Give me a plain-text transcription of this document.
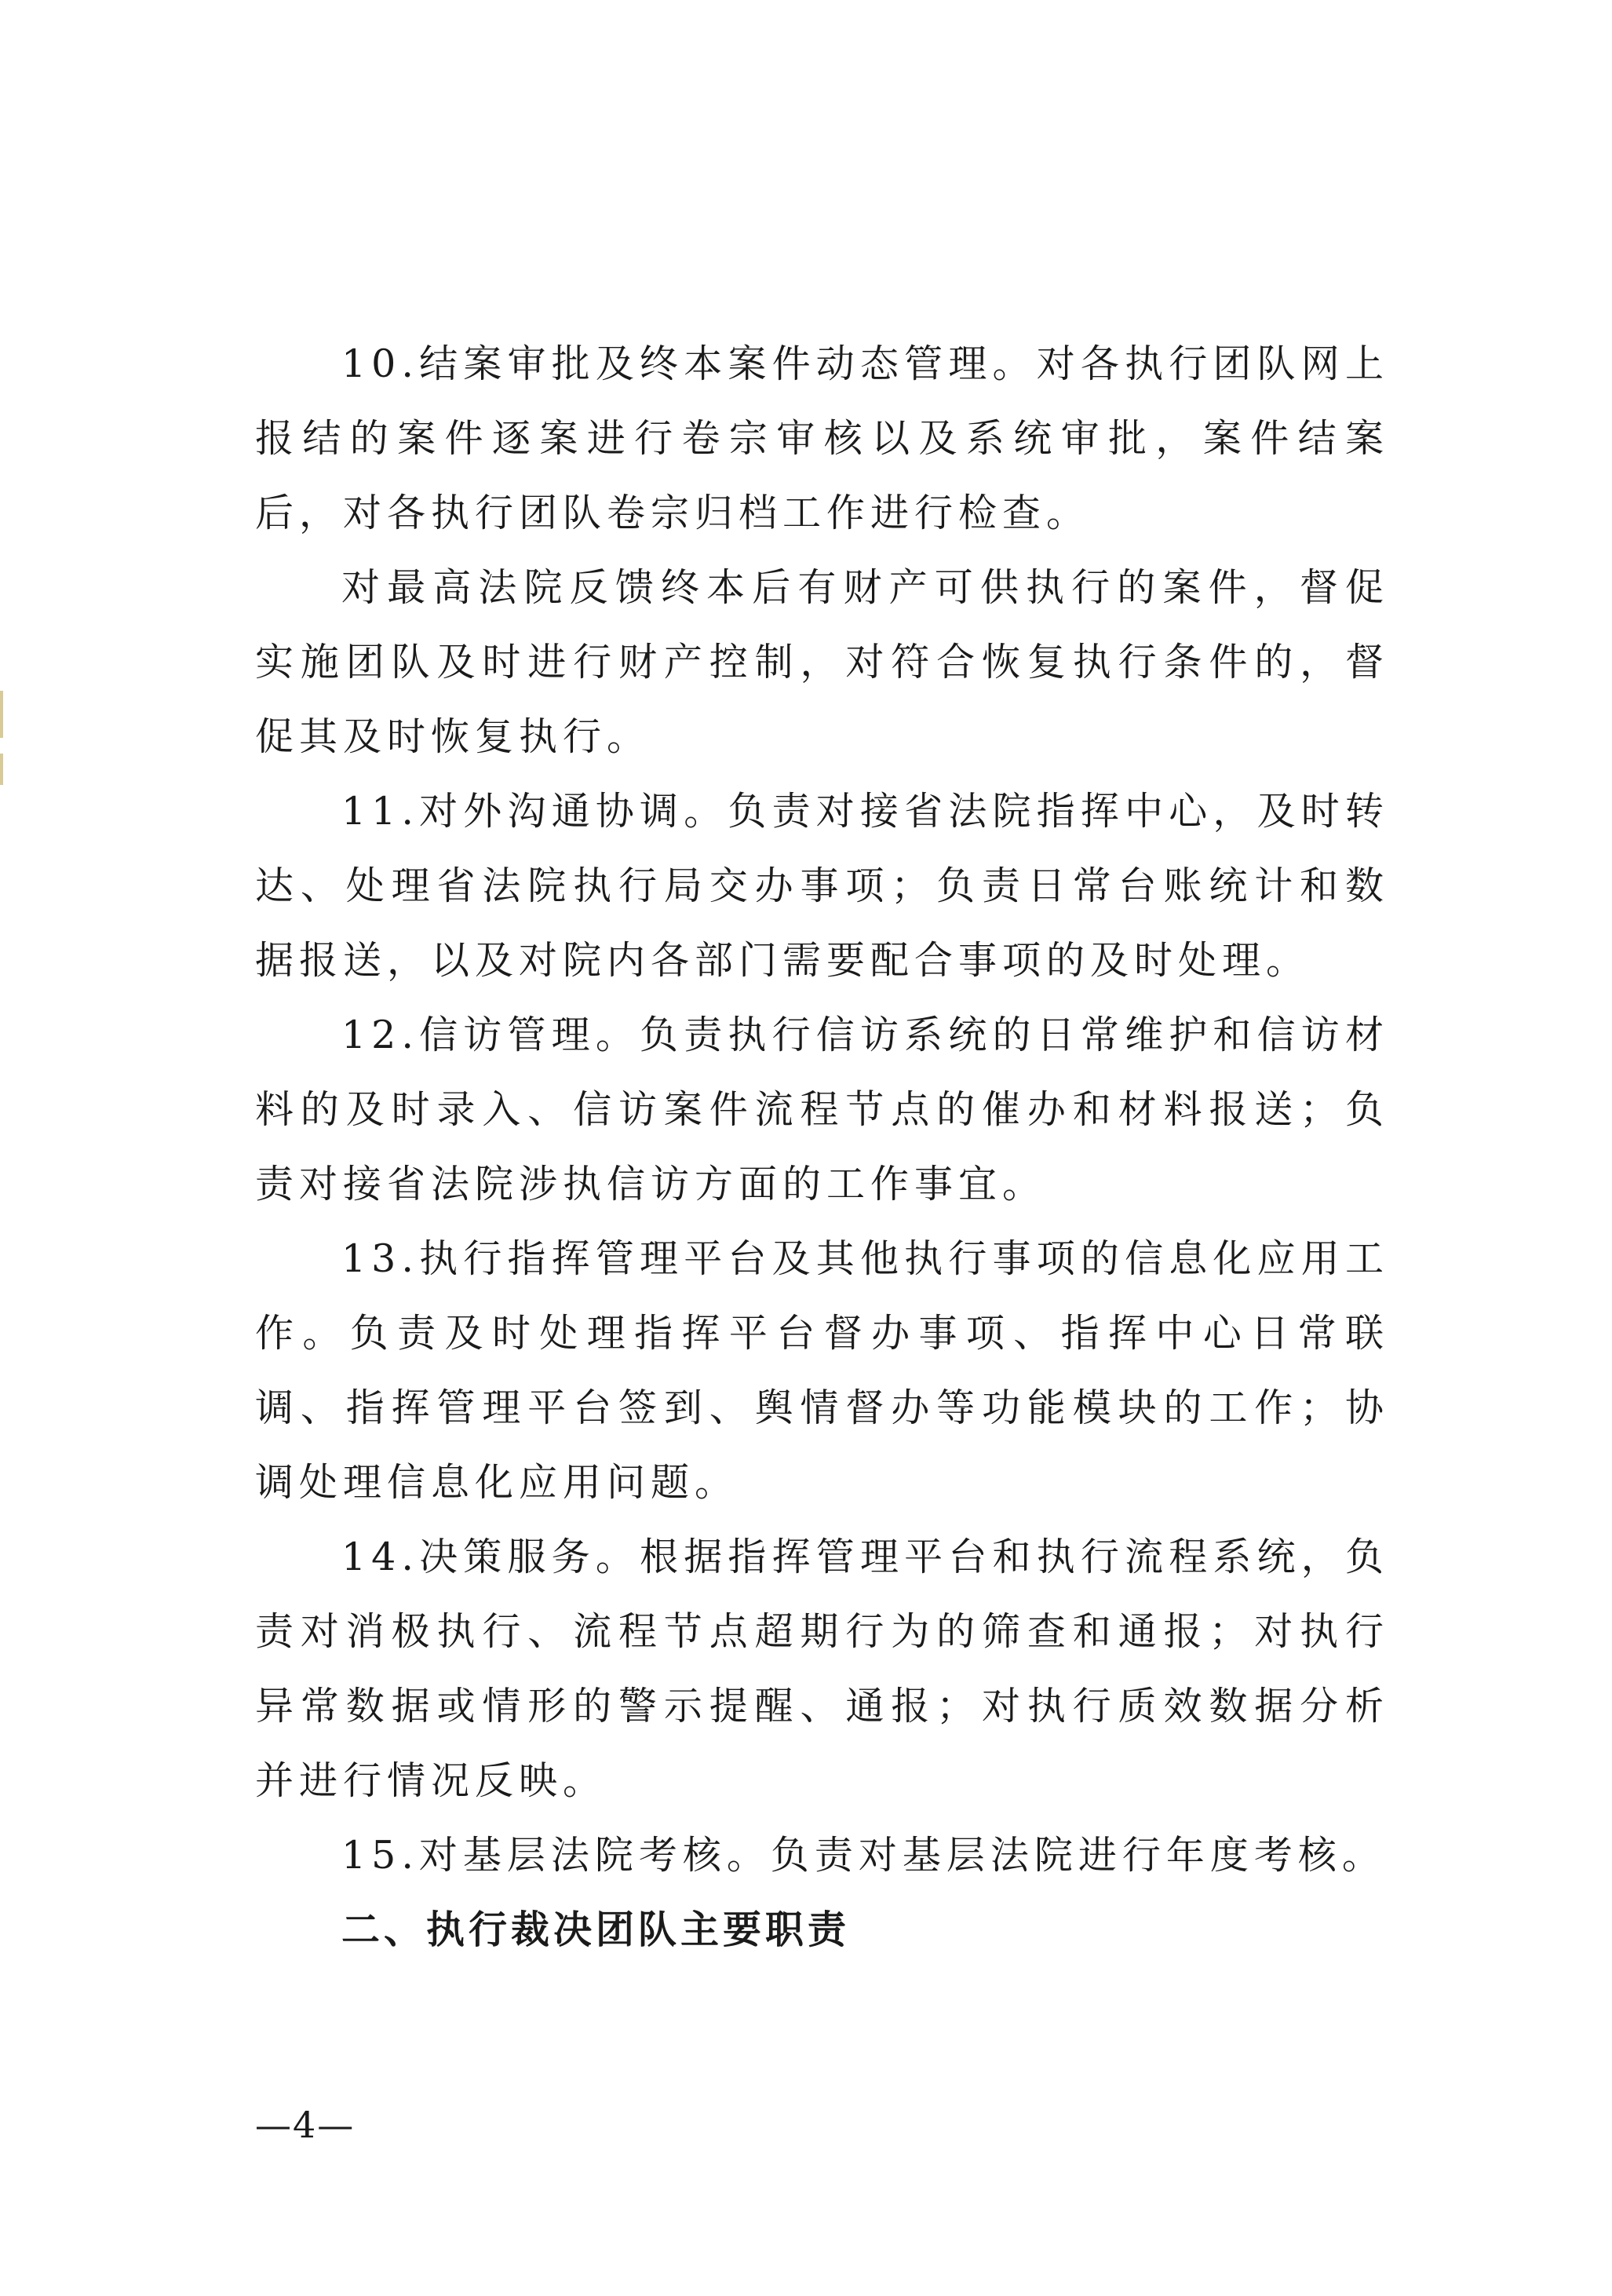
10.结案审批及终本案件动态管理。对各执行团队网上报结的案件逐案进行卷宗审核以及系统审批，案件结案后，对各执行团队卷宗归档工作进行检查。

对最高法院反馈终本后有财产可供执行的案件，督促实施团队及时进行财产控制，对符合恢复执行条件的，督促其及时恢复执行。

11.对外沟通协调。负责对接省法院指挥中心，及时转达、处理省法院执行局交办事项；负责日常台账统计和数据报送，以及对院内各部门需要配合事项的及时处理。

12.信访管理。负责执行信访系统的日常维护和信访材料的及时录入、信访案件流程节点的催办和材料报送；负责对接省法院涉执信访方面的工作事宜。

13.执行指挥管理平台及其他执行事项的信息化应用工作。负责及时处理指挥平台督办事项、指挥中心日常联调、指挥管理平台签到、舆情督办等功能模块的工作；协调处理信息化应用问题。

14.决策服务。根据指挥管理平台和执行流程系统，负责对消极执行、流程节点超期行为的筛查和通报；对执行异常数据或情形的警示提醒、通报；对执行质效数据分析并进行情况反映。

15.对基层法院考核。负责对基层法院进行年度考核。

二、执行裁决团队主要职责

—4—
